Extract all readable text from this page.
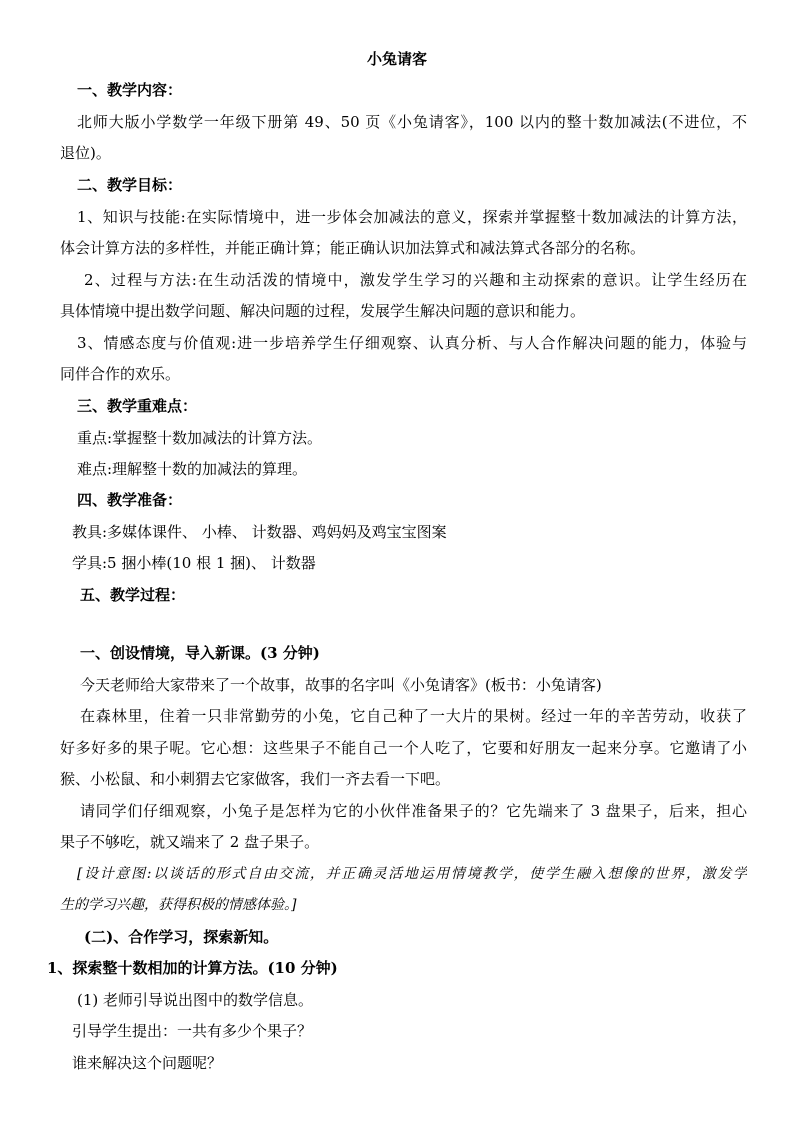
小兔请客
一、教学内容：
北师大版小学数学一年级下册第 49、50 页《小兔请客》，100 以内的整十数加减法(不进位，不
退位)。
二、教学目标：
1、知识与技能:在实际情境中，进一步体会加减法的意义，探索并掌握整十数加减法的计算方法，
体会计算方法的多样性，并能正确计算；能正确认识加法算式和减法算式各部分的名称。
2、过程与方法:在生动活泼的情境中，激发学生学习的兴趣和主动探索的意识。让学生经历在
具体情境中提出数学问题、解决问题的过程，发展学生解决问题的意识和能力。
3、情感态度与价值观:进一步培养学生仔细观察、认真分析、与人合作解决问题的能力，体验与
同伴合作的欢乐。
三、教学重难点：
重点:掌握整十数加减法的计算方法。
难点:理解整十数的加减法的算理。
四、教学准备：
教具:多媒体课件、 小棒、 计数器、鸡妈妈及鸡宝宝图案
学具:5 捆小棒(10 根 1 捆)、 计数器
五、教学过程：
一、创设情境，导入新课。(3 分钟)
今天老师给大家带来了一个故事，故事的名字叫《小兔请客》(板书：小兔请客)
在森林里，住着一只非常勤劳的小兔，它自己种了一大片的果树。经过一年的辛苦劳动，收获了
好多好多的果子呢。它心想：这些果子不能自己一个人吃了，它要和好朋友一起来分享。它邀请了小
猴、小松鼠、和小刺猬去它家做客，我们一齐去看一下吧。
请同学们仔细观察，小兔子是怎样为它的小伙伴准备果子的？它先端来了 3 盘果子，后来，担心
果子不够吃，就又端来了 2 盘子果子。
[设计意图:以谈话的形式自由交流，并正确灵活地运用情境教学，使学生融入想像的世界，激发学
生的学习兴趣，获得积极的情感体验。]
(二)、合作学习，探索新知。
1、探索整十数相加的计算方法。(10 分钟)
(1) 老师引导说出图中的数学信息。
引导学生提出：一共有多少个果子？
谁来解决这个问题呢？
